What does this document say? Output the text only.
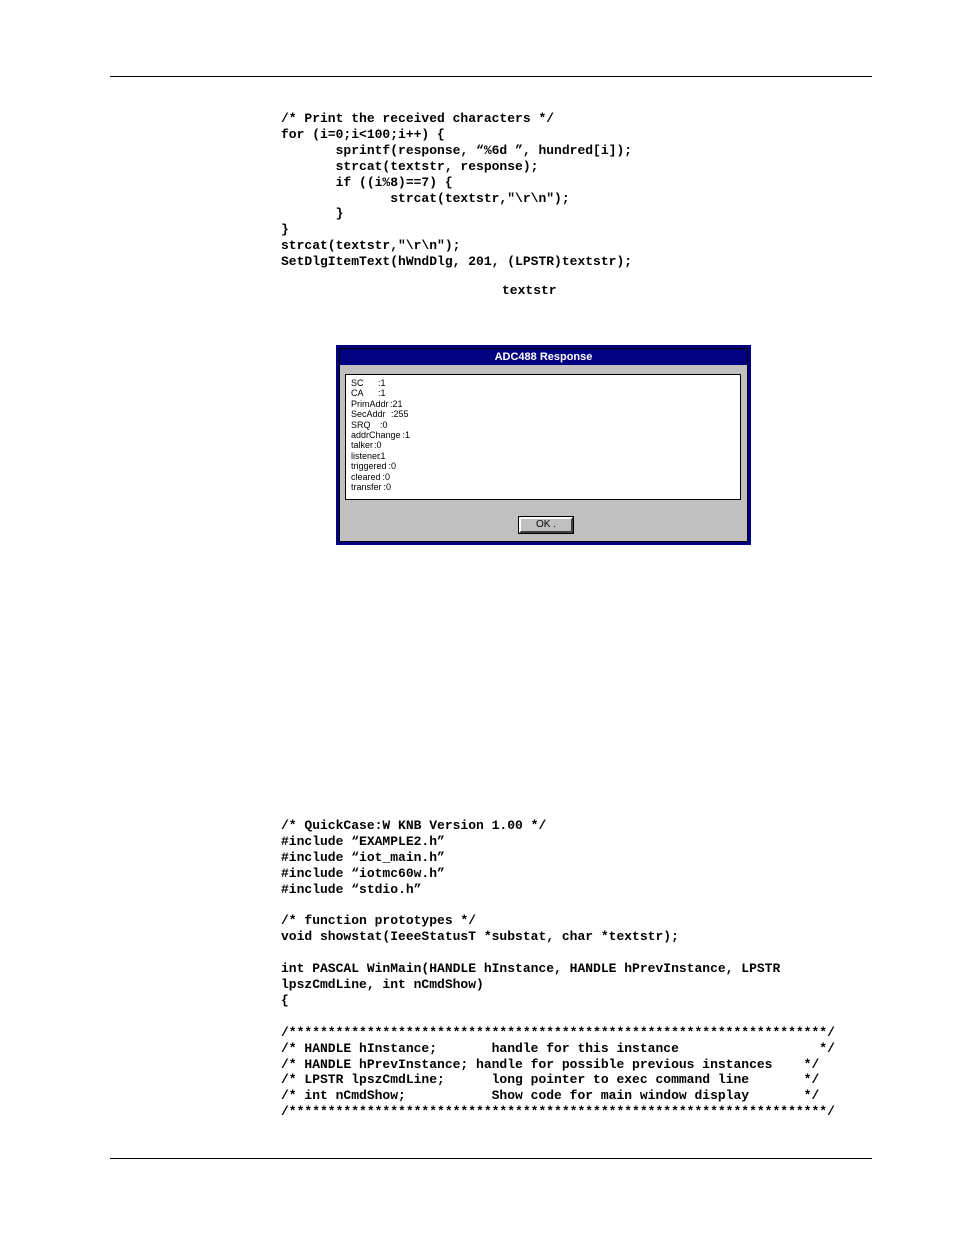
/* Print the received characters */
for (i=0;i<100;i++) {
sprintf(response, “%6d ”, hundred[i]);
strcat(textstr, response);
if ((i%8)==7) {
strcat(textstr,"\r\n");
}
}
strcat(textstr,"\r\n");
SetDlgItemText(hWndDlg, 201, (LPSTR)textstr);
textstr
ADC488 Response
SC :1
CA :1
PrimAddr:21
SecAddr :255
SRQ :0
addrChange :1
talker:0
listener:1
triggered :0
cleared :0
transfer :0
OK .
/* QuickCase:W KNB Version 1.00 */
#include “EXAMPLE2.h”
#include “iot_main.h”
#include “iotmc60w.h”
#include “stdio.h”
/* function prototypes */
void showstat(IeeeStatusT *substat, char *textstr);
int PASCAL WinMain(HANDLE hInstance, HANDLE hPrevInstance, LPSTR
lpszCmdLine, int nCmdShow)
{
/*********************************************************************/
/* HANDLE hInstance;       handle for this instance                  */
/* HANDLE hPrevInstance; handle for possible previous instances    */
/* LPSTR lpszCmdLine;      long pointer to exec command line       */
/* int nCmdShow;           Show code for main window display       */
/*********************************************************************/
